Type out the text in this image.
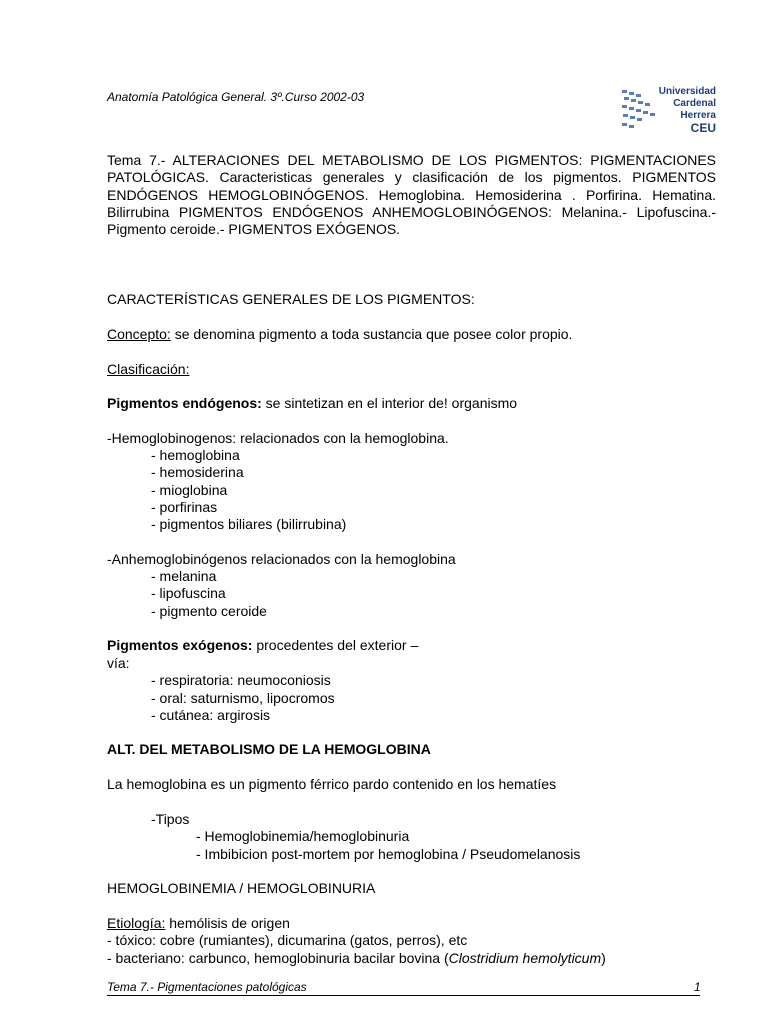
Anatomía Patológica General. 3º.Curso 2002-03	Universidad
Cardenal
Herrera
CEU
Tema 7.- ALTERACIONES DEL METABOLISMO DE LOS PIGMENTOS: PIGMENTACIONES PATOLÓGICAS. Caracteristicas generales y clasificación de los pigmentos. PIGMENTOS ENDÓGENOS HEMOGLOBINÓGENOS. Hemoglobina. Hemosiderina . Porfirina. Hematina. Bilirrubina PIGMENTOS ENDÓGENOS ANHEMOGLOBINÓGENOS: Melanina.- Lipofuscina.-Pigmento ceroide.- PIGMENTOS EXÓGENOS.
CARACTERÍSTICAS GENERALES DE LOS PIGMENTOS:
Concepto: se denomina pigmento a toda sustancia que posee color propio.
Clasificación:
Pigmentos endógenos: se sintetizan en el interior de! organismo
-Hemoglobinogenos: relacionados con la hemoglobina.
- hemoglobina
- hemosiderina
- mioglobina
- porfirinas
- pigmentos biliares (bilirrubina)
-Anhemoglobinógenos relacionados con la hemoglobina
- melanina
- lipofuscina
- pigmento ceroide
Pigmentos exógenos: procedentes del exterior –
vía:
- respiratoria: neumoconiosis
- oral: saturnismo, lipocromos
- cutánea: argirosis
ALT. DEL METABOLISMO DE LA HEMOGLOBINA
La hemoglobina es un pigmento férrico pardo contenido en los hematíes
-Tipos
- Hemoglobinemia/hemoglobinuria
- Imbibicion post-mortem por hemoglobina / Pseudomelanosis
HEMOGLOBINEMIA / HEMOGLOBINURIA
Etiología: hemólisis de origen
- tóxico: cobre (rumiantes), dicumarina (gatos, perros), etc
- bacteriano: carbunco, hemoglobinuria bacilar bovina (Clostridium hemolyticum)
Tema 7.- Pigmentaciones patológicas	1
